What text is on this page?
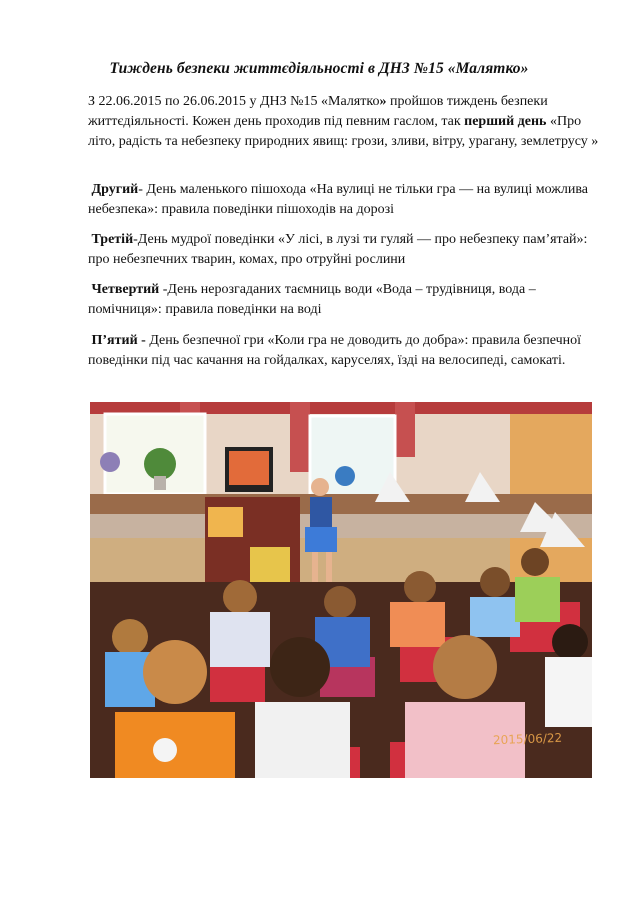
Тиждень безпеки життєдіяльності в ДНЗ №15 «Малятко»
З 22.06.2015 по 26.06.2015 у ДНЗ №15 «Малятко» пройшов тиждень безпеки життєдіяльності. Кожен день проходив під певним гаслом, так перший день «Про літо, радість та небезпеку природних явищ: грози, зливи, вітру, урагану, землетрусу »
Другий- День маленького пішохода «На вулиці не тільки гра — на вулиці можлива небезпека»: правила поведінки пішоходів на дорозі
Третій-День мудрої поведінки «У лісі, в лузі ти гуляй — про небезпеку пам’ятай»: про небезпечних тварин, комах, про отруйні рослини
Четвертий -День нерозгаданих таємниць води «Вода – трудівниця, вода – помічниця»: правила поведінки на воді
П’ятий - День безпечної гри «Коли гра не доводить до добра»: правила безпечної поведінки під час качання на гойдалках, каруселях, їзді на велосипеді, самокаті.
2015/06/22
